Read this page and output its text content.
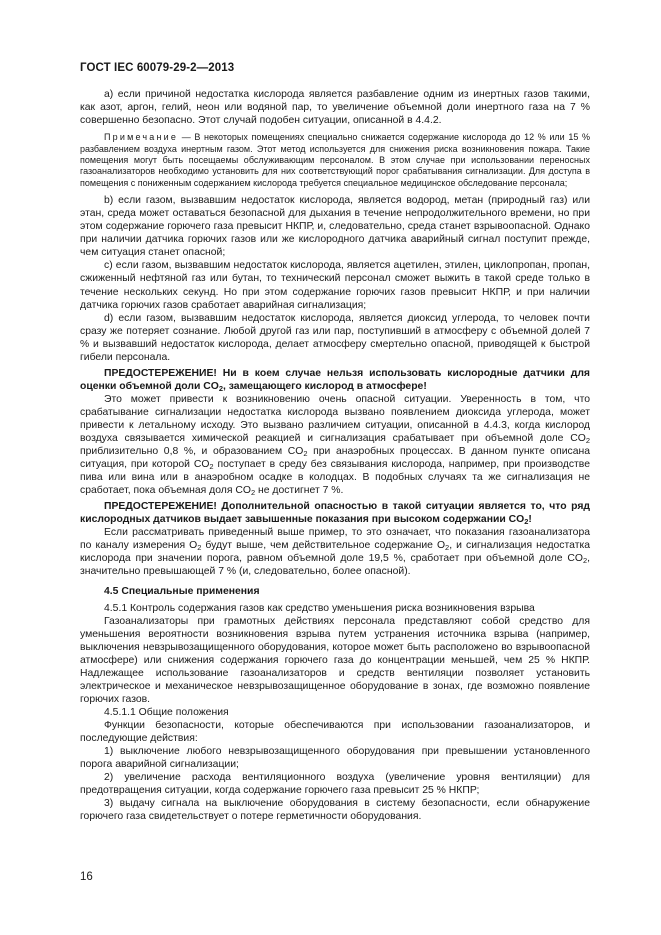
ГОСТ IEC 60079-29-2—2013

а) если причиной недостатка кислорода является разбавление одним из инертных газов такими, как азот, аргон, гелий, неон или водяной пар, то увеличение объемной доли инертного газа на 7 % совершенно безопасно. Этот случай подобен ситуации, описанной в 4.4.2.

Примечание — В некоторых помещениях специально снижается содержание кислорода до 12 % или 15 % разбавлением воздуха инертным газом. Этот метод используется для снижения риска возникновения пожара. Такие помещения могут быть посещаемы обслуживающим персоналом. В этом случае при использовании переносных газоанализаторов необходимо установить для них соответствующий порог срабатывания сигнализации. Для доступа в помещения с пониженным содержанием кислорода требуется специальное медицинское обследование персонала;

b) если газом, вызвавшим недостаток кислорода, является водород, метан (природный газ) или этан, среда может оставаться безопасной для дыхания в течение непродолжительного времени, но при этом содержание горючего газа превысит НКПР, и, следовательно, среда станет взрывоопасной. Однако при наличии датчика горючих газов или же кислородного датчика аварийный сигнал поступит прежде, чем ситуация станет опасной;

c) если газом, вызвавшим недостаток кислорода, является ацетилен, этилен, циклопропан, пропан, сжиженный нефтяной газ или бутан, то технический персонал сможет выжить в такой среде только в течение нескольких секунд. Но при этом содержание горючих газов превысит НКПР, и при наличии датчика горючих газов сработает аварийная сигнализация;

d) если газом, вызвавшим недостаток кислорода, является диоксид углерода, то человек почти сразу же потеряет сознание. Любой другой газ или пар, поступивший в атмосферу с объемной долей 7 % и вызвавший недостаток кислорода, делает атмосферу смертельно опасной, приводящей к быстрой гибели персонала.

ПРЕДОСТЕРЕЖЕНИЕ! Ни в коем случае нельзя использовать кислородные датчики для оценки объемной доли $CO_2$, замещающего кислород в атмосфере!

Это может привести к возникновению очень опасной ситуации. Уверенность в том, что срабатывание сигнализации недостатка кислорода вызвано появлением диоксида углерода, может привести к летальному исходу. Это вызвано различием ситуации, описанной в 4.4.3, когда кислород воздуха связывается химической реакцией и сигнализация срабатывает при объемной доле $CO_2$ приблизительно 0,8 %, и образованием $CO_2$ при анаэробных процессах. В данном пункте описана ситуация, при которой $CO_2$ поступает в среду без связывания кислорода, например, при производстве пива или вина или в анаэробном осадке в колодцах. В подобных случаях та же сигнализация не сработает, пока объемная доля $CO_2$ не достигнет 7 %.

ПРЕДОСТЕРЕЖЕНИЕ! Дополнительной опасностью в такой ситуации является то, что ряд кислородных датчиков выдает завышенные показания при высоком содержании $CO_2$!

Если рассматривать приведенный выше пример, то это означает, что показания газоанализатора по каналу измерения $O_2$ будут выше, чем действительное содержание $O_2$, и сигнализация недостатка кислорода при значении порога, равном объемной доле 19,5 %, сработает при объемной доле $CO_2$, значительно превышающей 7 % (и, следовательно, более опасной).

4.5 Специальные применения

4.5.1 Контроль содержания газов как средство уменьшения риска возникновения взрыва

Газоанализаторы при грамотных действиях персонала представляют собой средство для уменьшения вероятности возникновения взрыва путем устранения источника взрыва (например, выключения невзрывозащищенного оборудования, которое может быть расположено во взрывоопасной атмосфере) или снижения содержания горючего газа до концентрации меньшей, чем 25 % НКПР. Надлежащее использование газоанализаторов и средств вентиляции позволяет установить электрическое и механическое невзрывозащищенное оборудование в зонах, где возможно появление горючих газов.

4.5.1.1 Общие положения

Функции безопасности, которые обеспечиваются при использовании газоанализаторов, и последующие действия:

1) выключение любого невзрывозащищенного оборудования при превышении установленного порога аварийной сигнализации;

2) увеличение расхода вентиляционного воздуха (увеличение уровня вентиляции) для предотвращения ситуации, когда содержание горючего газа превысит 25 % НКПР;

3) выдачу сигнала на выключение оборудования в систему безопасности, если обнаружение горючего газа свидетельствует о потере герметичности оборудования.

16
